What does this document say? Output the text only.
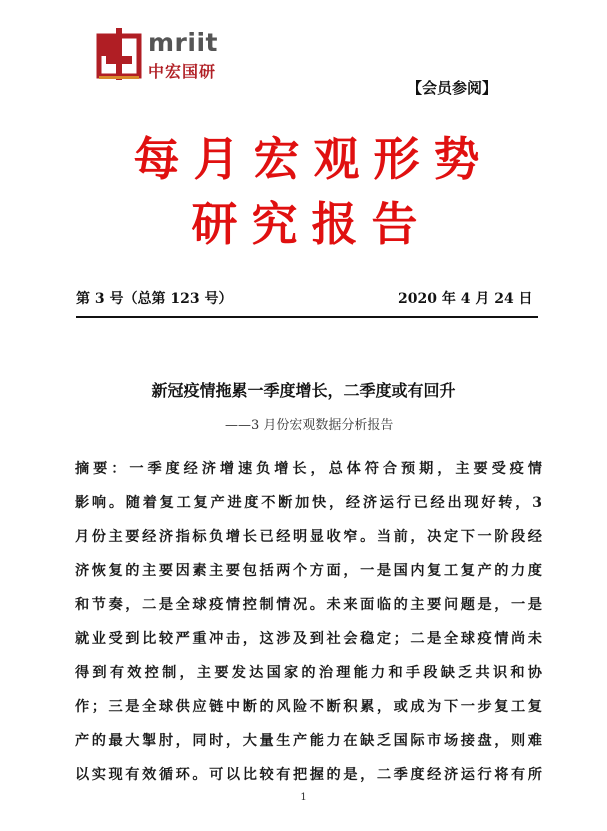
mriit
中宏国研
【会员参阅】
每月宏观形势
研究报告
第 3 号（总第 123 号）	2020 年 4 月 24 日
新冠疫情拖累一季度增长，二季度或有回升
——3 月份宏观数据分析报告
摘要：一季度经济增速负增长，总体符合预期，主要受疫情
影响。随着复工复产进度不断加快，经济运行已经出现好转，3
月份主要经济指标负增长已经明显收窄。当前，决定下一阶段经
济恢复的主要因素主要包括两个方面，一是国内复工复产的力度
和节奏，二是全球疫情控制情况。未来面临的主要问题是，一是
就业受到比较严重冲击，这涉及到社会稳定；二是全球疫情尚未
得到有效控制，主要发达国家的治理能力和手段缺乏共识和协
作；三是全球供应链中断的风险不断积累，或成为下一步复工复
产的最大掣肘，同时，大量生产能力在缺乏国际市场接盘，则难
以实现有效循环。可以比较有把握的是，二季度经济运行将有所
1
